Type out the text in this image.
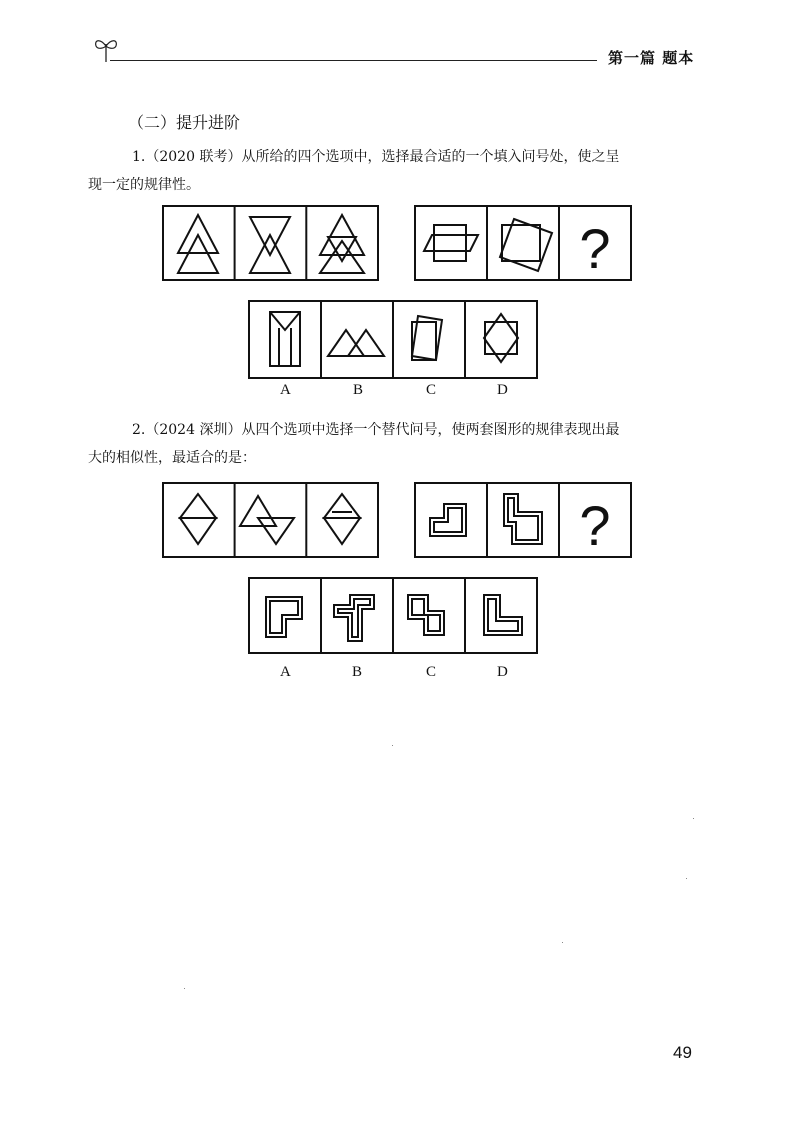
第一篇 题本
（二）提升进阶
1.（2020 联考）从所给的四个选项中，选择最合适的一个填入问号处，使之呈
现一定的规律性。
?
A	B	C	D
2.（2024 深圳）从四个选项中选择一个替代问号，使两套图形的规律表现出最
大的相似性，最适合的是：
?
A	B	C	D
49
